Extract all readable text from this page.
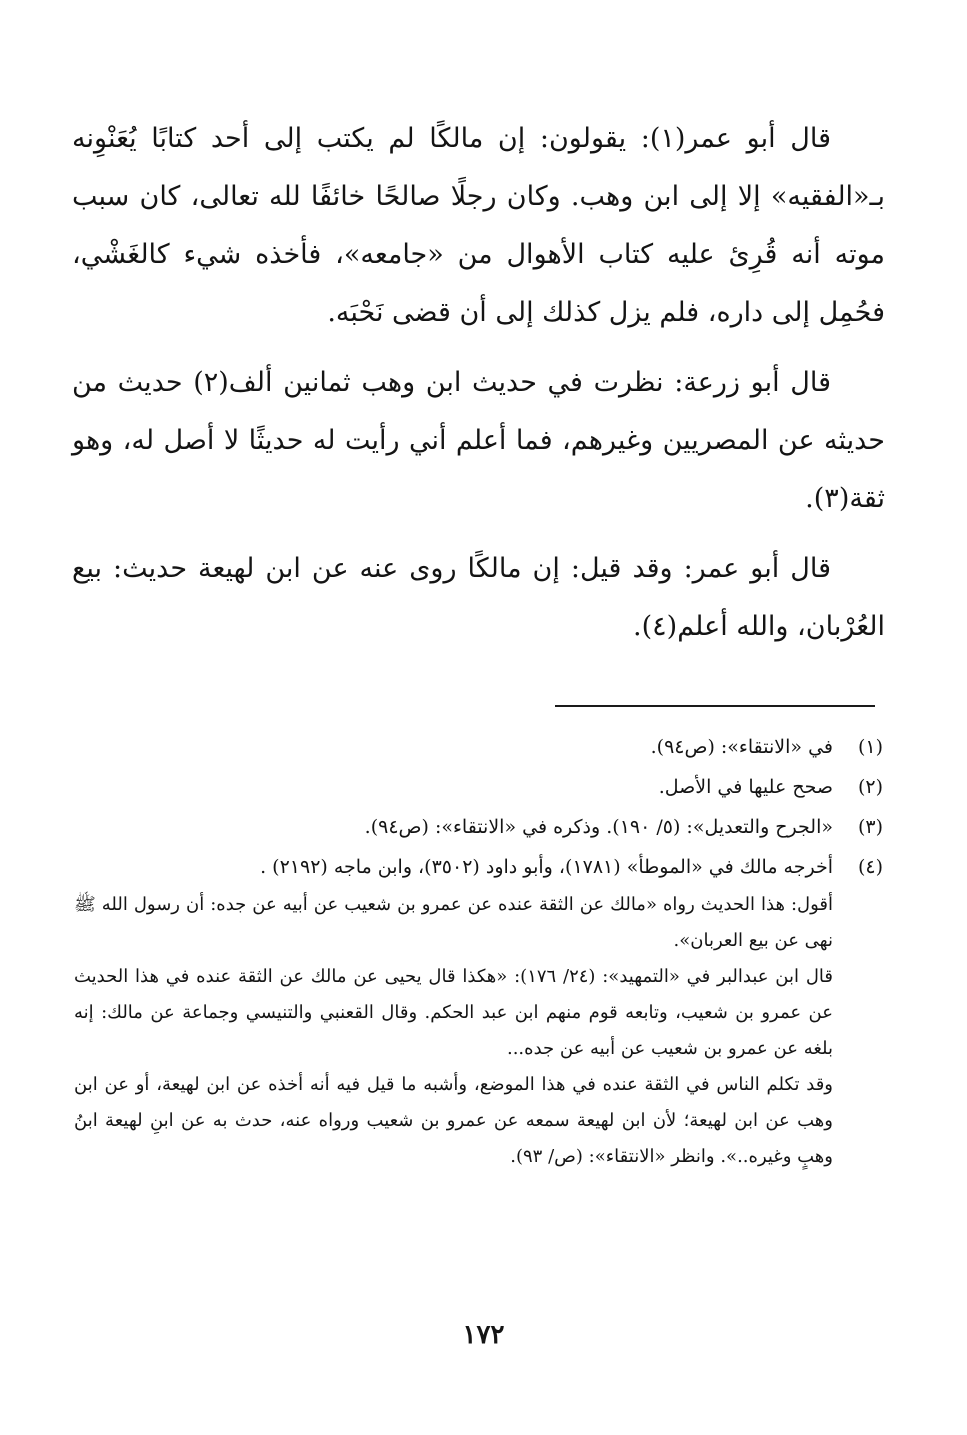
قال أبو عمر(١): يقولون: إن مالكًا لم يكتب إلى أحد كتابًا يُعَنْوِنه بـ«الفقيه» إلا إلى ابن وهب. وكان رجلًا صالحًا خائفًا لله تعالى، كان سبب موته أنه قُرِئ عليه كتاب الأهوال من «جامعه»، فأخذه شيء كالغَشْي، فحُمِل إلى داره، فلم يزل كذلك إلى أن قضى نَحْبَه.

قال أبو زرعة: نظرت في حديث ابن وهب ثمانين ألف(٢) حديث من حديثه عن المصريين وغيرهم، فما أعلم أني رأيت له حديثًا لا أصل له، وهو ثقة(٣).

قال أبو عمر: وقد قيل: إن مالكًا روى عنه عن ابن لهيعة حديث: بيع العُرْبان، والله أعلم(٤).

(١)
في «الانتقاء»: (ص٩٤).
(٢)
صحح عليها في الأصل.
(٣)
«الجرح والتعديل»: (٥/ ١٩٠). وذكره في «الانتقاء»: (ص٩٤).
(٤)
أخرجه مالك في «الموطأ» (١٧٨١)، وأبو داود (٣٥٠٢)، وابن ماجه (٢١٩٢) .
أقول: هذا الحديث رواه «مالك عن الثقة عنده عن عمرو بن شعيب عن أبيه عن جده: أن رسول الله ﷺ نهى عن بيع العربان».
قال ابن عبدالبر في «التمهيد»: (٢٤/ ١٧٦): «هكذا قال يحيى عن مالك عن الثقة عنده في هذا الحديث عن عمرو بن شعيب، وتابعه قوم منهم ابن عبد الحكم. وقال القعنبي والتنيسي وجماعة عن مالك: إنه بلغه عن عمرو بن شعيب عن أبيه عن جده...
وقد تكلم الناس في الثقة عنده في هذا الموضع، وأشبه ما قيل فيه أنه أخذه عن ابن لهيعة، أو عن ابن وهب عن ابن لهيعة؛ لأن ابن لهيعة سمعه عن عمرو بن شعيب ورواه عنه، حدث به عن ابنِ لهيعة ابنُ وهبٍ وغيره..». وانظر «الانتقاء»: (ص/ ٩٣).
١٧٢
